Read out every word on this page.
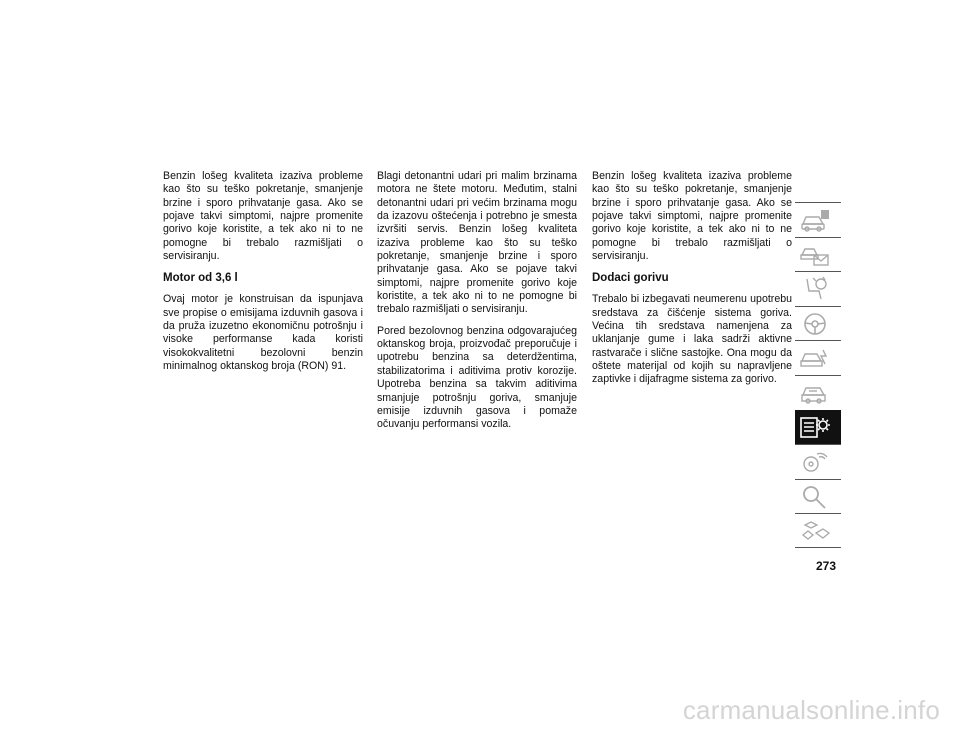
Benzin lošeg kvaliteta izaziva probleme kao što su teško pokretanje, smanjenje brzine i sporo prihvatanje gasa. Ako se pojave takvi simptomi, najpre promenite gorivo koje koristite, a tek ako ni to ne pomogne bi trebalo razmišljati o servisiranju.

Motor od 3,6 l

Ovaj motor je konstruisan da ispunjava sve propise o emisijama izduvnih gasova i da pruža izuzetno ekonomičnu potrošnju i visoke performanse kada koristi visokokvalitetni bezolovni benzin minimalnog oktanskog broja (RON) 91.

Blagi detonantni udari pri malim brzinama motora ne štete motoru. Međutim, stalni detonantni udari pri većim brzinama mogu da izazovu oštećenja i potrebno je smesta izvršiti servis. Benzin lošeg kvaliteta izaziva probleme kao što su teško pokretanje, smanjenje brzine i sporo prihvatanje gasa. Ako se pojave takvi simptomi, najpre promenite gorivo koje koristite, a tek ako ni to ne pomogne bi trebalo razmišljati o servisiranju.

Pored bezolovnog benzina odgovarajućeg oktanskog broja, proizvođač preporučuje i upotrebu benzina sa deterdžentima, stabilizatorima i aditivima protiv korozije. Upotreba benzina sa takvim aditivima smanjuje potrošnju goriva, smanjuje emisije izduvnih gasova i pomaže očuvanju performansi vozila.

Benzin lošeg kvaliteta izaziva probleme kao što su teško pokretanje, smanjenje brzine i sporo prihvatanje gasa. Ako se pojave takvi simptomi, najpre promenite gorivo koje koristite, a tek ako ni to ne pomogne bi trebalo razmišljati o servisiranju.

Dodaci gorivu

Trebalo bi izbegavati neumerenu upotrebu sredstava za čišćenje sistema goriva. Većina tih sredstava namenjena za uklanjanje gume i laka sadrži aktivne rastvarače i slične sastojke. Ona mogu da oštete materijal od kojih su napravljene zaptivke i dijafragme sistema za gorivo.

273
carmanualsonline.info
